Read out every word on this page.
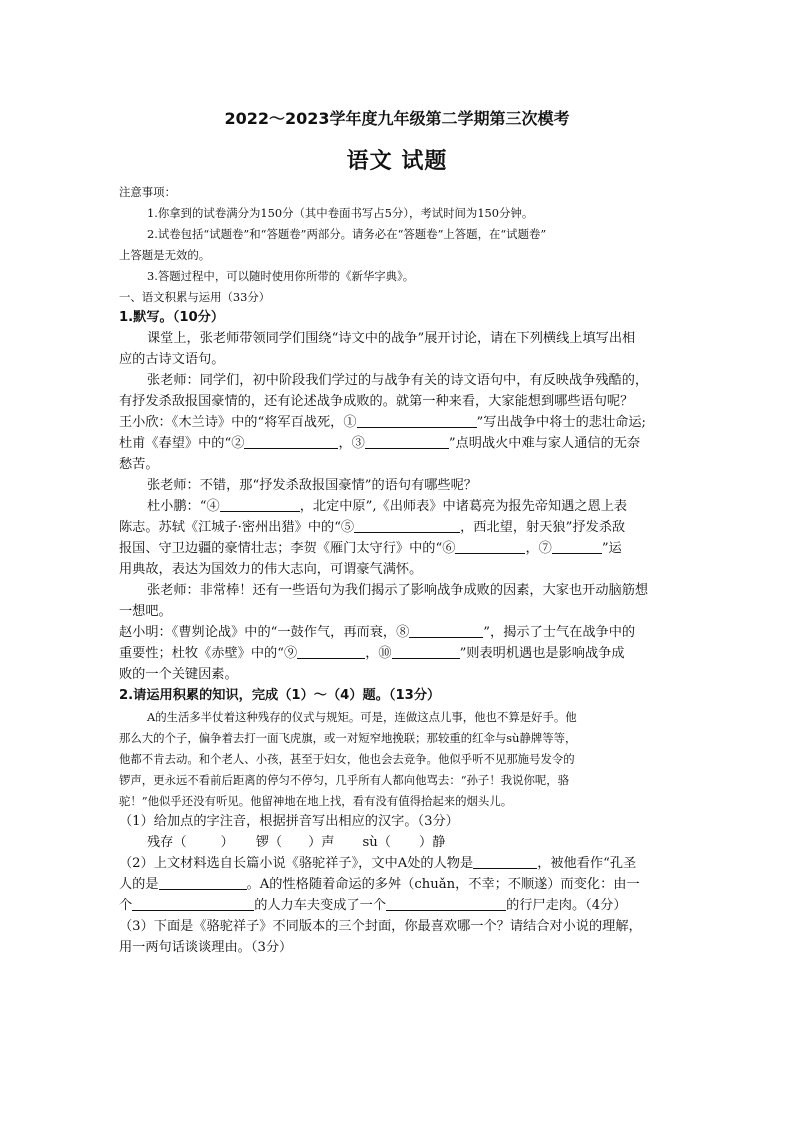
2022～2023学年度九年级第二学期第三次模考
语文 试题
注意事项：
1.你拿到的试卷满分为150分（其中卷面书写占5分），考试时间为150分钟。
2.试卷包括“试题卷”和“答题卷”两部分。请务必在“答题卷”上答题，在“试题卷”
上答题是无效的。
3.答题过程中，可以随时使用你所带的《新华字典》。
一、语文积累与运用（33分）
1.默写。（10分）
课堂上，张老师带领同学们围绕“诗文中的战争”展开讨论，请在下列横线上填写出相
应的古诗文语句。
张老师：同学们，初中阶段我们学过的与战争有关的诗文语句中，有反映战争残酷的，
有抒发杀敌报国豪情的，还有论述战争成败的。就第一种来看，大家能想到哪些语句呢？
王小欣：《木兰诗》中的“将军百战死，①	”写出战争中将士的悲壮命运;
杜甫《春望》中的“②	，③	”点明战火中难与家人通信的无奈
愁苦。
张老师：不错，那“抒发杀敌报国豪情”的语句有哪些呢？
杜小鹏：“④	，北定中原”,《出师表》中诸葛亮为报先帝知遇之恩上表
陈志。苏轼《江城子·密州出猎》中的“⑤	，西北望，射天狼”抒发杀敌
报国、守卫边疆的豪情壮志；李贺《雁门太守行》中的“⑥	，⑦	”运
用典故，表达为国效力的伟大志向，可谓豪气满怀。
张老师：非常棒！还有一些语句为我们揭示了影响战争成败的因素，大家也开动脑筋想
一想吧。
赵小明：《曹刿论战》中的“一鼓作气，再而衰，⑧	”，揭示了士气在战争中的
重要性；杜牧《赤壁》中的“⑨	，⑩	”则表明机遇也是影响战争成
败的一个关键因素。
2.请运用积累的知识，完成（1）～（4）题。（13分）
A的生活多半仗着这种残存的仪式与规矩。可是，连做这点儿事，他也不算是好手。他
那么大的个子，偏争着去打一面飞虎旗，或一对短窄地挽联；那较重的红伞与sù静牌等等，
他都不肯去动。和个老人、小孩，甚至于妇女，他也会去竞争。他似乎听不见那施号发令的
锣声，更永远不看前后距离的停匀不停匀，几乎所有人都向他骂去：“孙子！我说你呢，骆
驼！”他似乎还没有听见。他留神地在地上找，看有没有值得拾起来的烟头儿。
（1）给加点的字注音，根据拼音写出相应的汉字。（3分）
残存（	） 锣（ ）声 sù（ ）静
（2）上文材料选自长篇小说《骆驼祥子》，文中A处的人物是	，被他看作“孔圣
人的是	。A的性格随着命运的多舛（chuǎn，不幸；不顺遂）而变化：由一
个	的人力车夫变成了一个	的行尸走肉。（4分）
（3）下面是《骆驼祥子》不同版本的三个封面，你最喜欢哪一个？请结合对小说的理解，
用一两句话谈谈理由。（3分）
